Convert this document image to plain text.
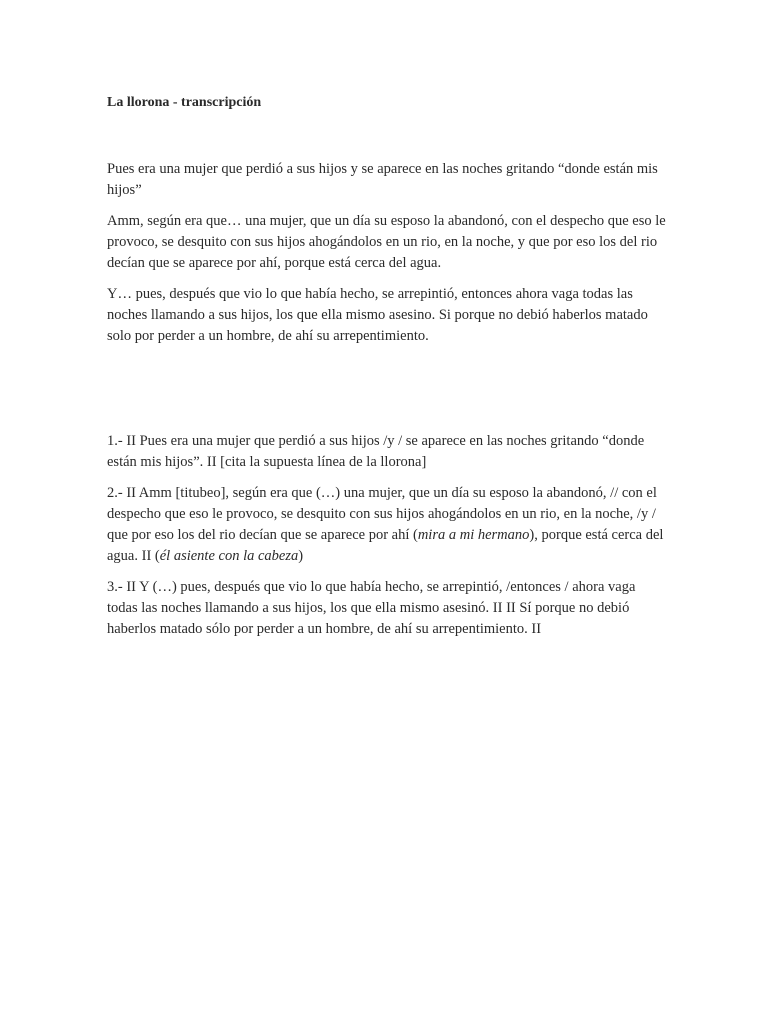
La llorona - transcripción

Pues era una mujer que perdió a sus hijos y se aparece en las noches gritando “donde están mis hijos”

Amm, según era que… una mujer, que un día su esposo la abandonó, con el despecho que eso le provoco, se desquito con sus hijos ahogándolos en un rio, en la noche, y que por eso los del rio decían que se aparece por ahí, porque está cerca del agua.

Y… pues, después que vio lo que había hecho, se arrepintió, entonces ahora vaga todas las noches llamando a sus hijos, los que ella mismo asesino. Si porque no debió haberlos matado solo por perder a un hombre, de ahí su arrepentimiento.

1.- II Pues era una mujer que perdió a sus hijos /y / se aparece en las noches gritando “donde están mis hijos”. II [cita la supuesta línea de la llorona]

2.- II Amm [titubeo], según era que (…) una mujer, que un día su esposo la abandonó, // con el despecho que eso le provoco, se desquito con sus hijos ahogándolos en un rio, en la noche, /y / que por eso los del rio decían que se aparece por ahí (mira a mi hermano), porque está cerca del agua. II (él asiente con la cabeza)

3.- II Y (…) pues, después que vio lo que había hecho, se arrepintió, /entonces / ahora vaga todas las noches llamando a sus hijos, los que ella mismo asesinó. II II Sí porque no debió haberlos matado sólo por perder a un hombre, de ahí su arrepentimiento. II
